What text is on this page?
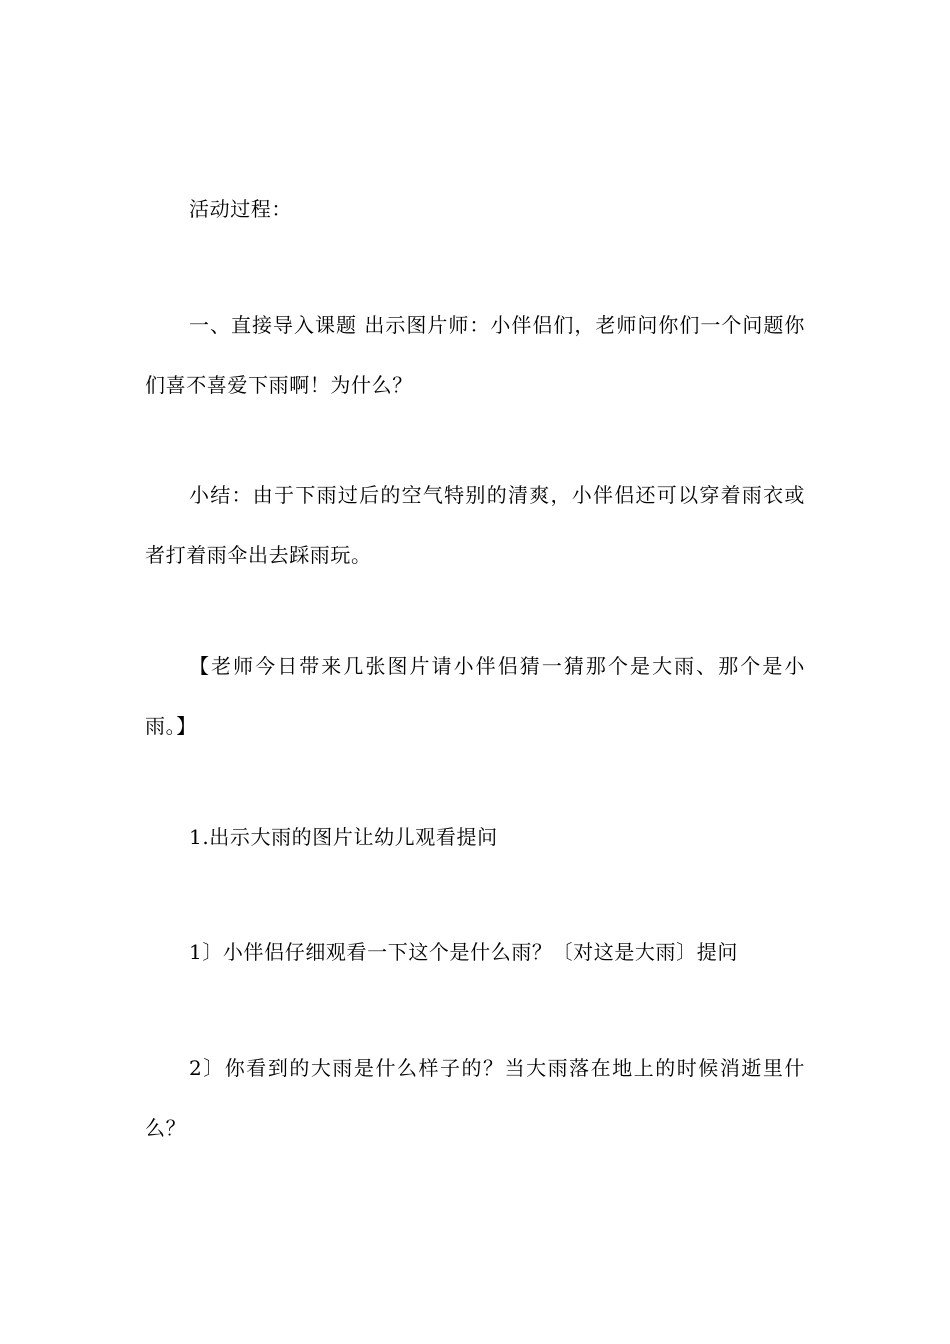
活动过程：

一、直接导入课题 出示图片师：小伴侣们，老师问你们一个问题你们喜不喜爱下雨啊！为什么？

小结：由于下雨过后的空气特别的清爽，小伴侣还可以穿着雨衣或者打着雨伞出去踩雨玩。

【老师今日带来几张图片请小伴侣猜一猜那个是大雨、那个是小雨。】

1.出示大雨的图片让幼儿观看提问

1〕小伴侣仔细观看一下这个是什么雨？〔对这是大雨〕提问

2〕你看到的大雨是什么样子的？当大雨落在地上的时候消逝里什么？
